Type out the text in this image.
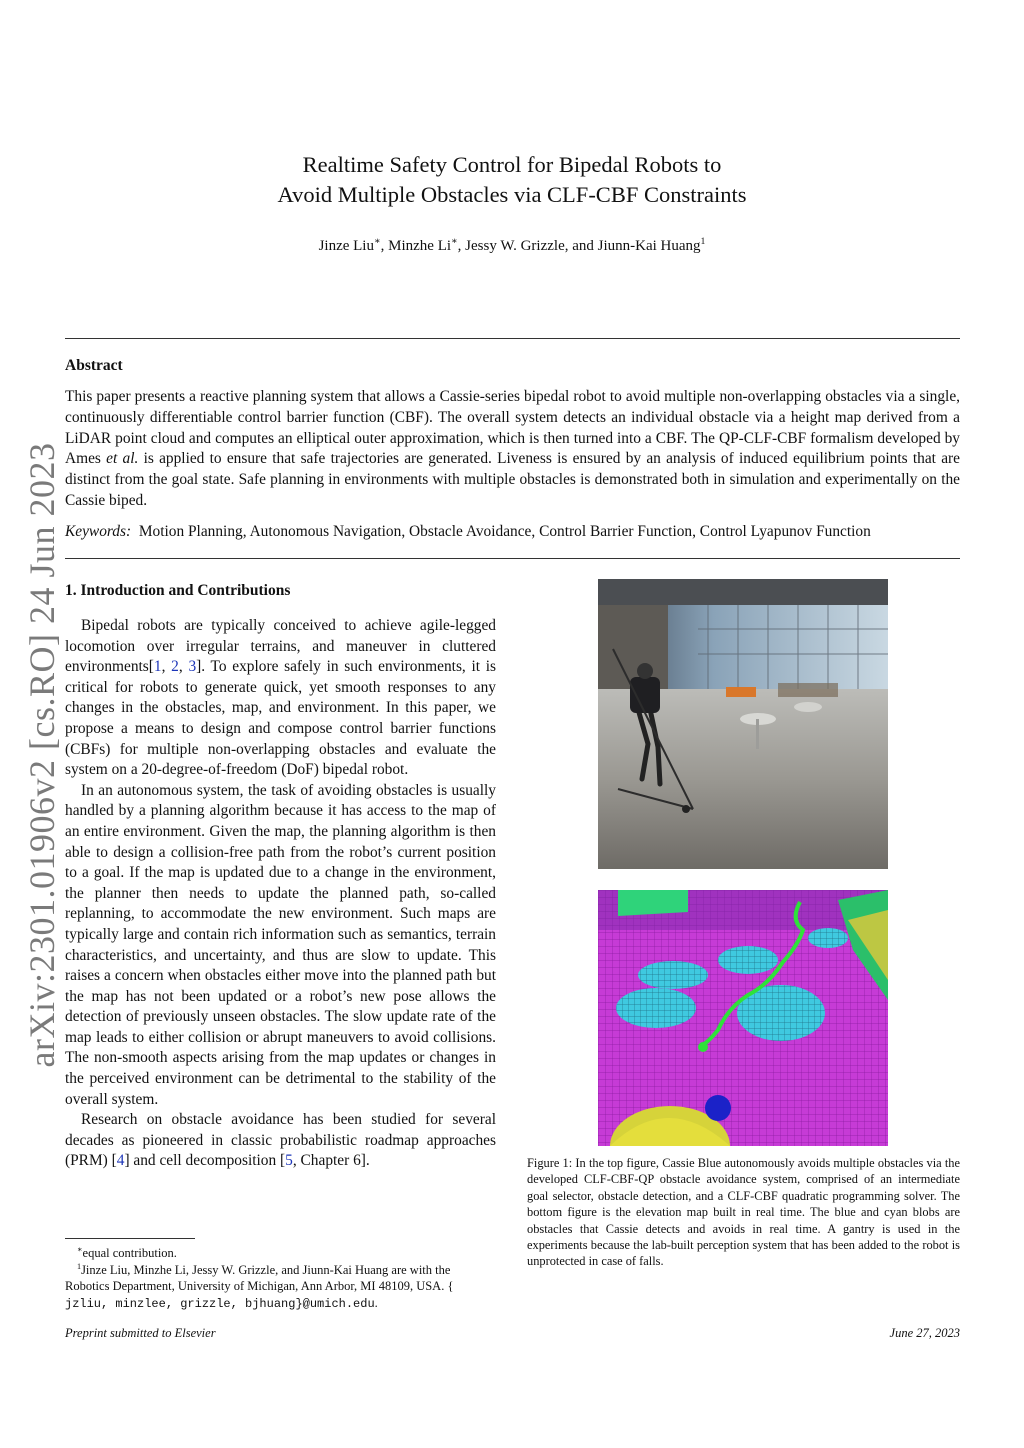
arXiv:2301.01906v2 [cs.RO] 24 Jun 2023
Realtime Safety Control for Bipedal Robots to
Avoid Multiple Obstacles via CLF-CBF Constraints
Jinze Liu∗, Minzhe Li∗, Jessy W. Grizzle, and Jiunn-Kai Huang$^1$
Abstract
This paper presents a reactive planning system that allows a Cassie-series bipedal robot to avoid multiple non-overlapping obstacles via a single, continuously differentiable control barrier function (CBF). The overall system detects an individual obstacle via a height map derived from a LiDAR point cloud and computes an elliptical outer approximation, which is then turned into a CBF. The QP-CLF-CBF formalism developed by Ames et al. is applied to ensure that safe trajectories are generated. Liveness is ensured by an analysis of induced equilibrium points that are distinct from the goal state. Safe planning in environments with multiple obstacles is demonstrated both in simulation and experimentally on the Cassie biped.
Keywords: Motion Planning, Autonomous Navigation, Obstacle Avoidance, Control Barrier Function, Control Lyapunov Function
1. Introduction and Contributions

Bipedal robots are typically conceived to achieve agile-legged locomotion over irregular terrains, and maneuver in cluttered environments[1, 2, 3]. To explore safely in such environments, it is critical for robots to generate quick, yet smooth responses to any changes in the obstacles, map, and environment. In this paper, we propose a means to design and compose control barrier functions (CBFs) for multiple non-overlapping obstacles and evaluate the system on a 20-degree-of-freedom (DoF) bipedal robot.

In an autonomous system, the task of avoiding obstacles is usually handled by a planning algorithm because it has access to the map of an entire environment. Given the map, the planning algorithm is then able to design a collision-free path from the robot’s current position to a goal. If the map is updated due to a change in the environment, the planner then needs to update the planned path, so-called replanning, to accommodate the new environment. Such maps are typically large and contain rich information such as semantics, terrain characteristics, and uncertainty, and thus are slow to update. This raises a concern when obstacles either move into the planned path but the map has not been updated or a robot’s new pose allows the detection of previously unseen obstacles. The slow update rate of the map leads to either collision or abrupt maneuvers to avoid collisions. The non-smooth aspects arising from the map updates or changes in the perceived environment can be detrimental to the stability of the overall system.

Research on obstacle avoidance has been studied for several decades as pioneered in classic probabilistic roadmap approaches (PRM) [4] and cell decomposition [5, Chapter 6].

∗equal contribution.
$^1$Jinze Liu, Minzhe Li, Jessy W. Grizzle, and Jiunn-Kai Huang are with the Robotics Department, University of Michigan, Ann Arbor, MI 48109, USA. {
jzliu, minzlee, grizzle, bjhuang}@umich.edu.
Preprint submitted to Elsevier	June 27, 2023
Figure 1: In the top figure, Cassie Blue autonomously avoids multiple obstacles via the developed CLF-CBF-QP obstacle avoidance system, comprised of an intermediate goal selector, obstacle detection, and a CLF-CBF quadratic programming solver. The bottom figure is the elevation map built in real time. The blue and cyan blobs are obstacles that Cassie detects and avoids in real time. A gantry is used in the experiments because the lab-built perception system that has been added to the robot is unprotected in case of falls.
